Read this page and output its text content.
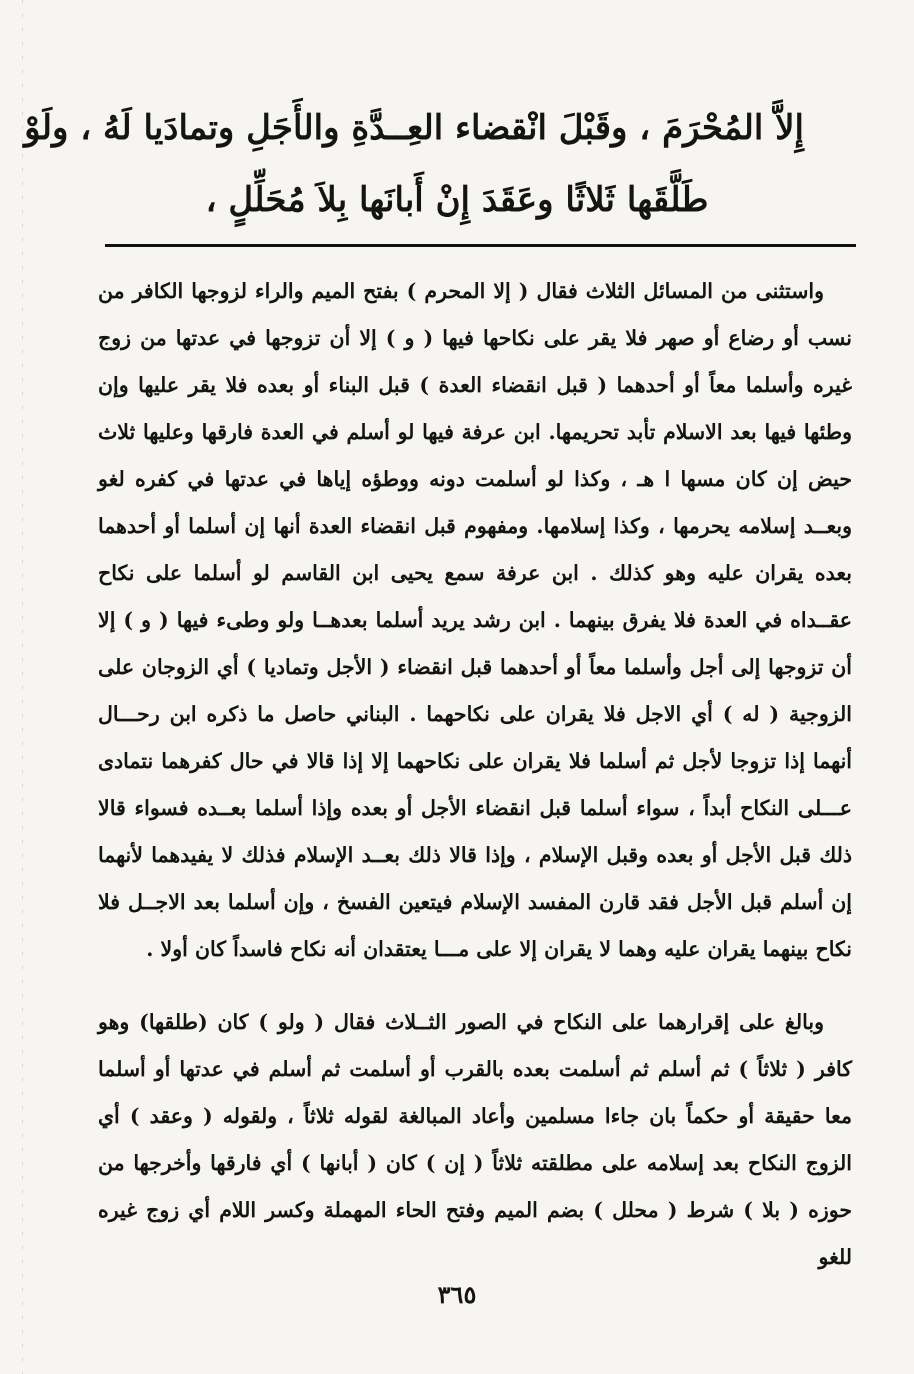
إِلاَّ المُحْرَمَ ، وقَبْلَ انْقضاء العِــدَّةِ والأَجَلِ وتمادَيا لَهُ ، ولَوْ
طَلَّقَها ثَلاثًا وعَقَدَ إِنْ أَبانَها بِلاَ مُحَلِّلٍ ،

واستثنى من المسائل الثلاث فقال ( إلا المحرم ) بفتح الميم والراء لزوجها الكافر من نسب أو رضاع أو صهر فلا يقر على نكاحها فيها ( و ) إلا أن تزوجها في عدتها من زوج غيره وأسلما معاً أو أحدهما ( قبل انقضاء العدة ) قبل البناء أو بعده فلا يقر عليها وإن وطئها فيها بعد الاسلام تأبد تحريمها. ابن عرفة فيها لو أسلم في العدة فارقها وعليها ثلاث حيض إن كان مسها ا هـ ، وكذا لو أسلمت دونه ووطؤه إياها في عدتها في كفره لغو وبعــد إسلامه يحرمها ، وكذا إسلامها. ومفهوم قبل انقضاء العدة أنها إن أسلما أو أحدهما بعده يقران عليه وهو كذلك . ابن عرفة سمع يحيى ابن القاسم لو أسلما على نكاح عقــداه في العدة فلا يفرق بينهما . ابن رشد يريد أسلما بعدهــا ولو وطىء فيها ( و ) إلا أن تزوجها إلى أجل وأسلما معاً أو أحدهما قبل انقضاء ( الأجل وتماديا ) أي الزوجان على الزوجية ( له ) أي الاجل فلا يقران على نكاحهما . البناني حاصل ما ذكره ابن رحـــال أنهما إذا تزوجا لأجل ثم أسلما فلا يقران على نكاحهما إلا إذا قالا في حال كفرهما نتمادى عـــلى النكاح أبداً ، سواء أسلما قبل انقضاء الأجل أو بعده وإذا أسلما بعــده فسواء قالا ذلك قبل الأجل أو بعده وقبل الإسلام ، وإذا قالا ذلك بعــد الإسلام فذلك لا يفيدهما لأنهما إن أسلم قبل الأجل فقد قارن المفسد الإسلام فيتعين الفسخ ، وإن أسلما بعد الاجــل فلا نكاح بينهما يقران عليه وهما لا يقران إلا على مـــا يعتقدان أنه نكاح فاسداً كان أولا .

وبالغ على إقرارهما على النكاح في الصور الثــلاث فقال ( ولو ) كان (طلقها) وهو كافر ( ثلاثاً ) ثم أسلم ثم أسلمت بعده بالقرب أو أسلمت ثم أسلم في عدتها أو أسلما معا حقيقة أو حكماً بان جاءا مسلمين وأعاد المبالغة لقوله ثلاثاً ، ولقوله ( وعقد ) أي الزوج النكاح بعد إسلامه على مطلقته ثلاثاً ( إن ) كان ( أبانها ) أي فارقها وأخرجها من حوزه ( بلا ) شرط ( محلل ) بضم الميم وفتح الحاء المهملة وكسر اللام أي زوج غيره للغو

٣٦٥
